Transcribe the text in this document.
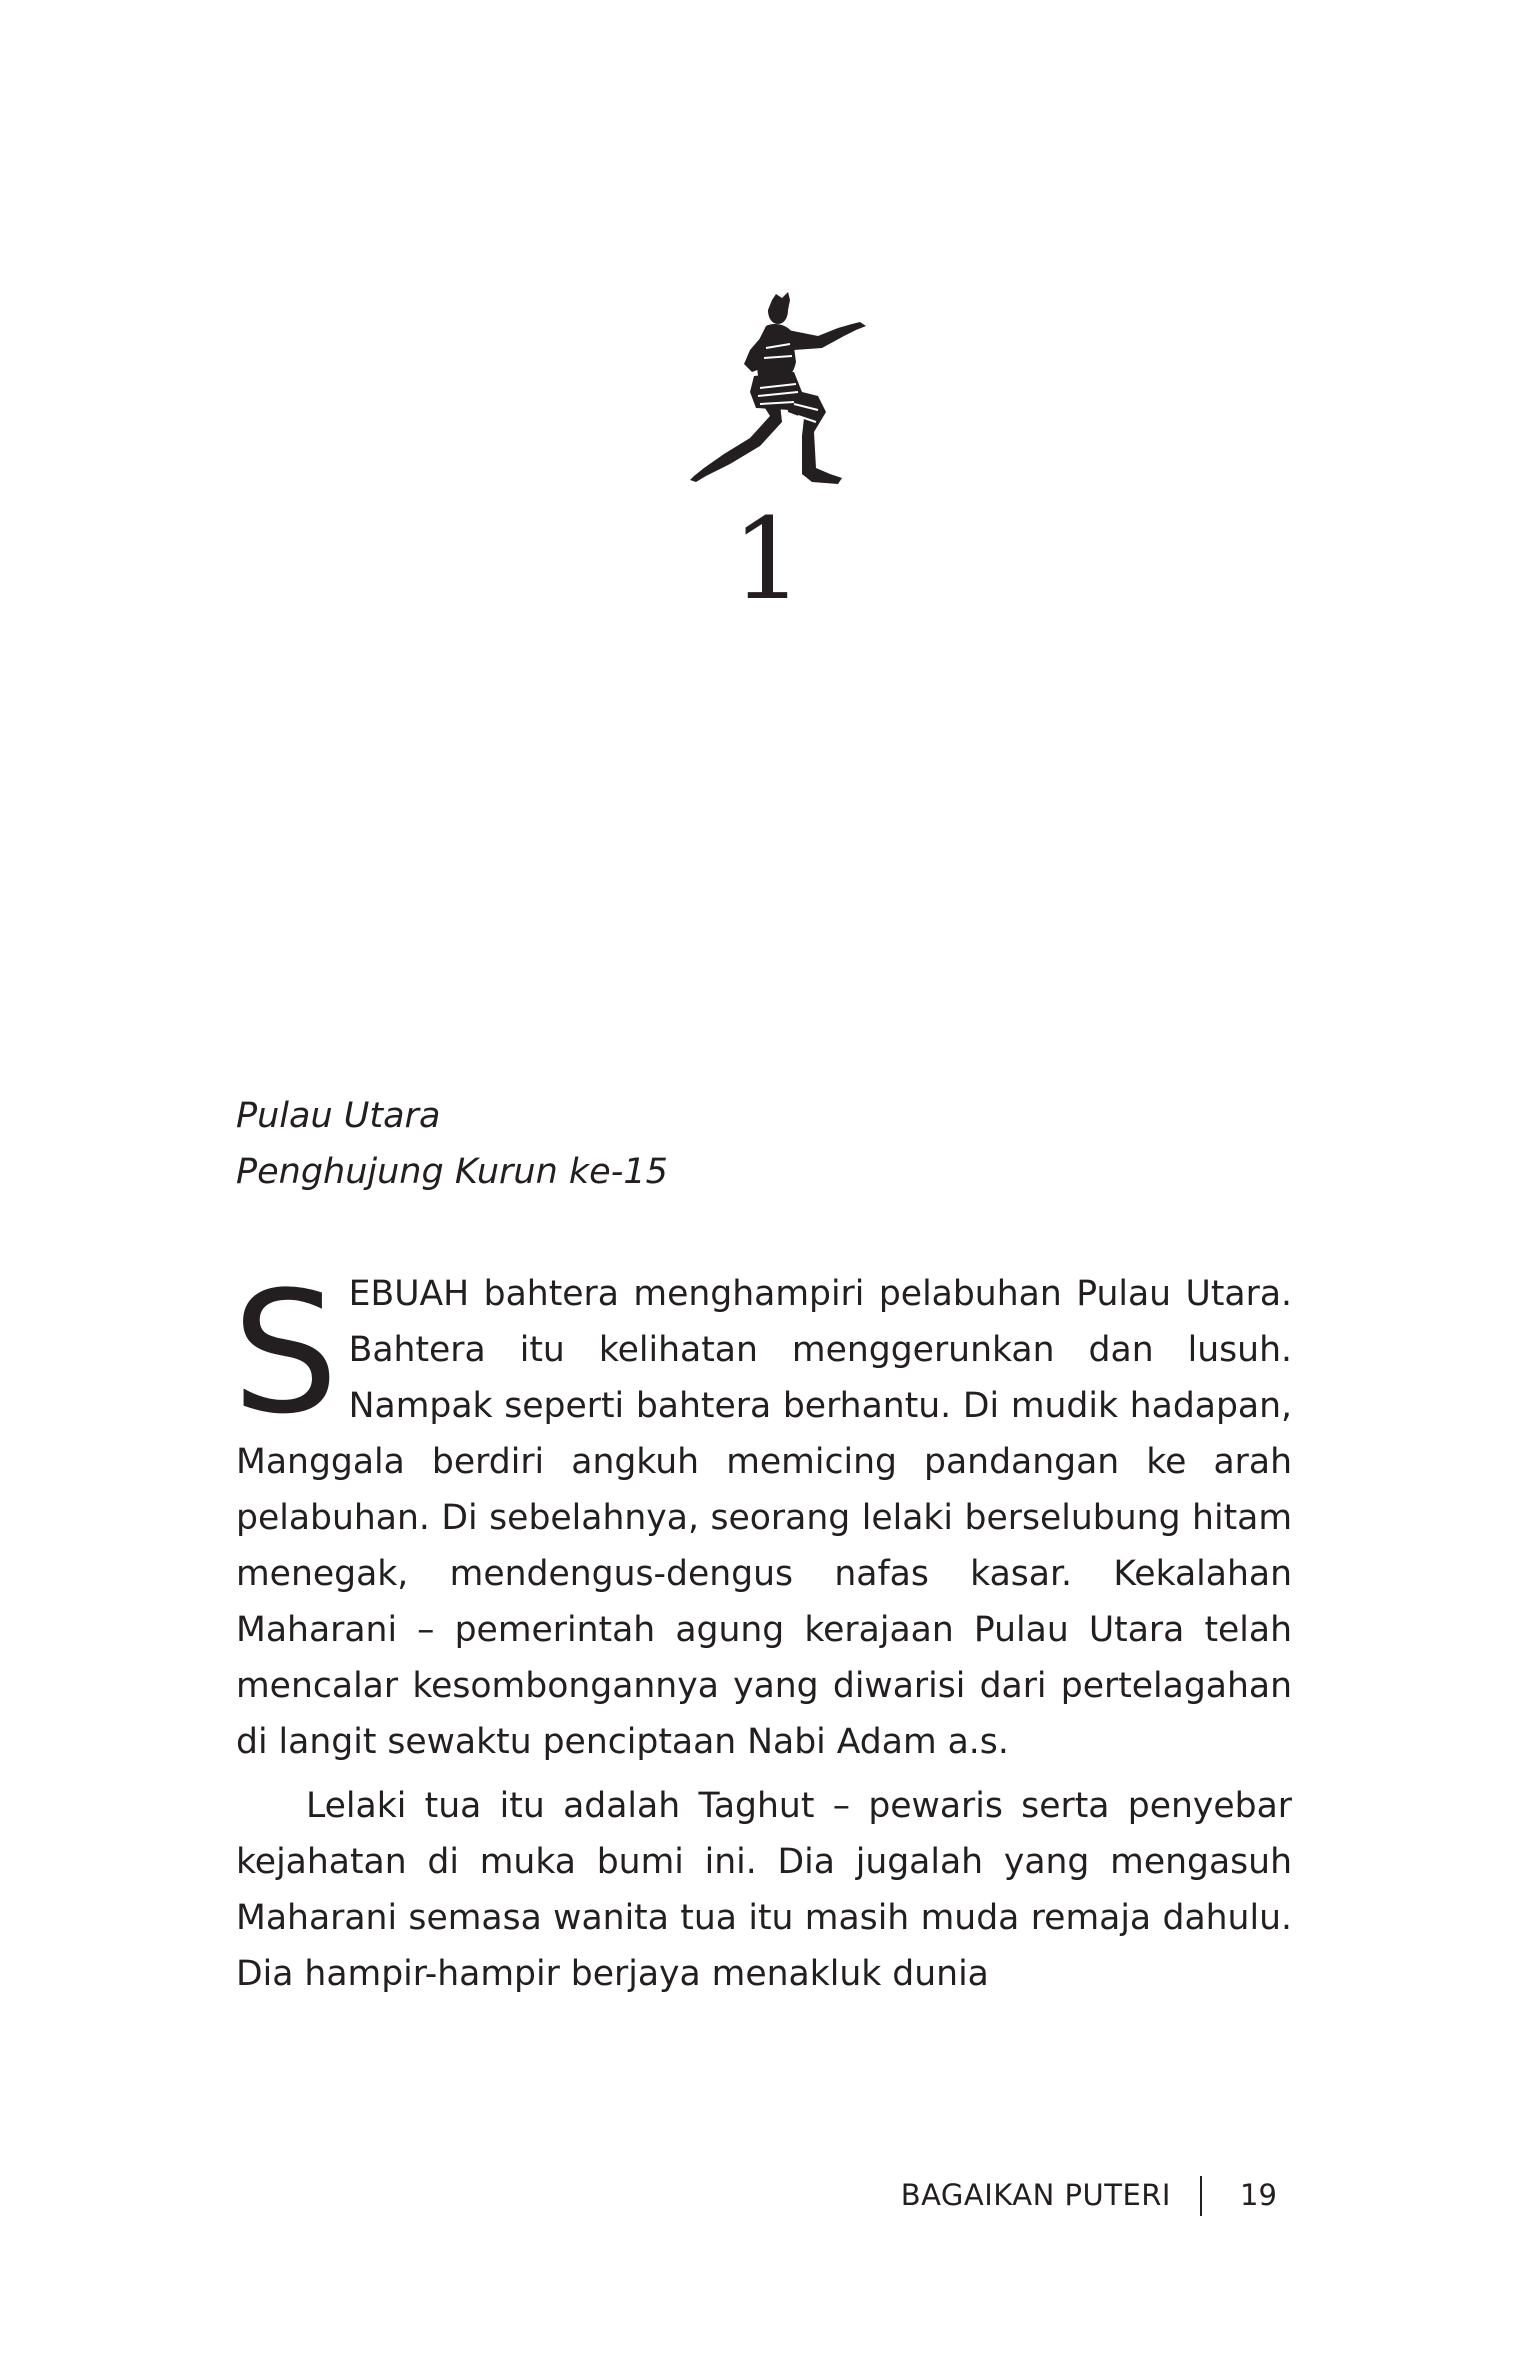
1
Pulau Utara
Penghujung Kurun ke-15

S EBUAH bahtera menghampiri pelabuhan Pulau Utara. Bahtera itu kelihatan menggerunkan dan lusuh. Nampak seperti bahtera berhantu. Di mudik hadapan, Manggala berdiri angkuh memicing pandangan ke arah pelabuhan. Di sebelahnya, seorang lelaki berselubung hitam menegak, mendengus-dengus nafas kasar. Kekalahan Maharani – pemerintah agung kerajaan Pulau Utara telah mencalar kesombongannya yang diwarisi dari pertelagahan di langit sewaktu penciptaan Nabi Adam a.s.

Lelaki tua itu adalah Taghut – pewaris serta penyebar kejahatan di muka bumi ini. Dia jugalah yang mengasuh Maharani semasa wanita tua itu masih muda remaja dahulu. Dia hampir-hampir berjaya menakluk dunia

BAGAIKAN PUTERI 19
